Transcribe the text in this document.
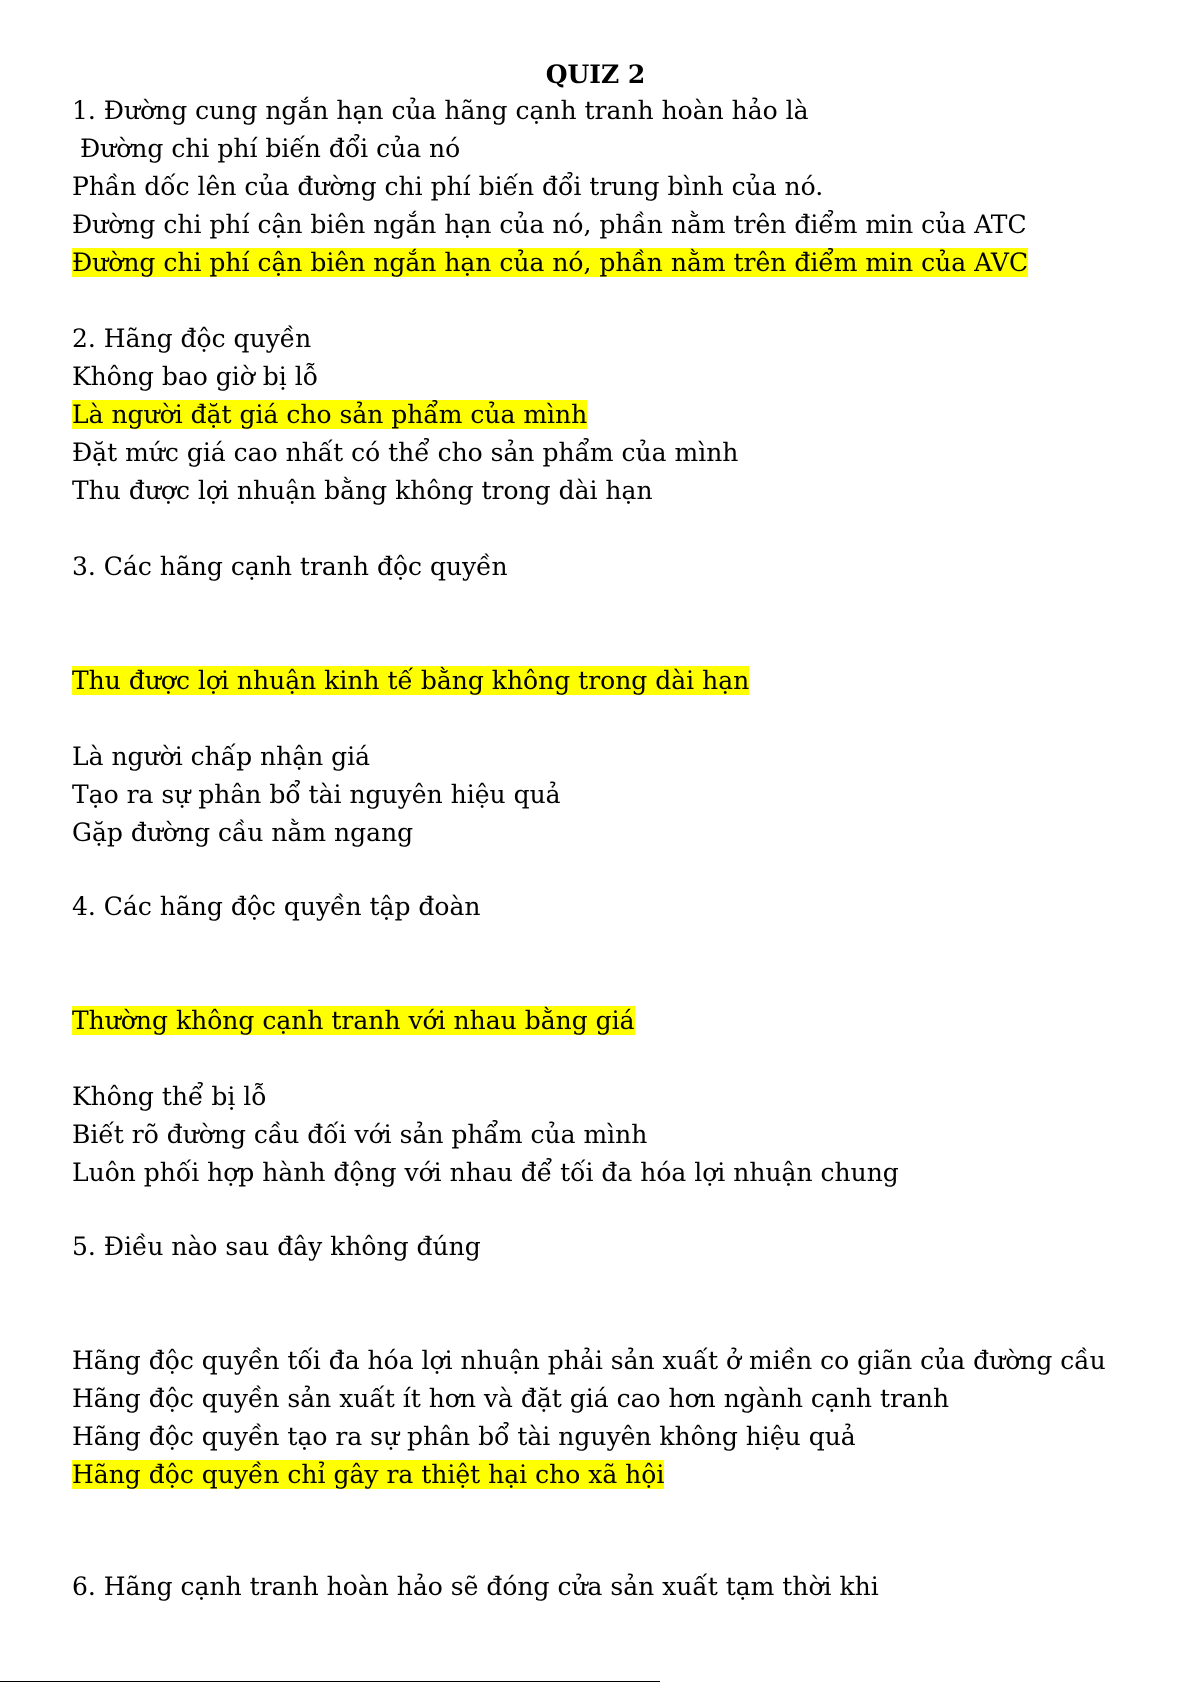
QUIZ 2
1. Đường cung ngắn hạn của hãng cạnh tranh hoàn hảo là
Đường chi phí biến đổi của nó
Phần dốc lên của đường chi phí biến đổi trung bình của nó.
Đường chi phí cận biên ngắn hạn của nó, phần nằm trên điểm min của ATC
Đường chi phí cận biên ngắn hạn của nó, phần nằm trên điểm min của AVC
2. Hãng độc quyền
Không bao giờ bị lỗ
Là người đặt giá cho sản phẩm của mình
Đặt mức giá cao nhất có thể cho sản phẩm của mình
Thu được lợi nhuận bằng không trong dài hạn
3. Các hãng cạnh tranh độc quyền
Thu được lợi nhuận kinh tế bằng không trong dài hạn
Là người chấp nhận giá
Tạo ra sự phân bổ tài nguyên hiệu quả
Gặp đường cầu nằm ngang
4. Các hãng độc quyền tập đoàn
Thường không cạnh tranh với nhau bằng giá
Không thể bị lỗ
Biết rõ đường cầu đối với sản phẩm của mình
Luôn phối hợp hành động với nhau để tối đa hóa lợi nhuận chung
5. Điều nào sau đây không đúng
Hãng độc quyền tối đa hóa lợi nhuận phải sản xuất ở miền co giãn của đường cầu
Hãng độc quyền sản xuất ít hơn và đặt giá cao hơn ngành cạnh tranh
Hãng độc quyền tạo ra sự phân bổ tài nguyên không hiệu quả
Hãng độc quyền chỉ gây ra thiệt hại cho xã hội
6. Hãng cạnh tranh hoàn hảo sẽ đóng cửa sản xuất tạm thời khi
